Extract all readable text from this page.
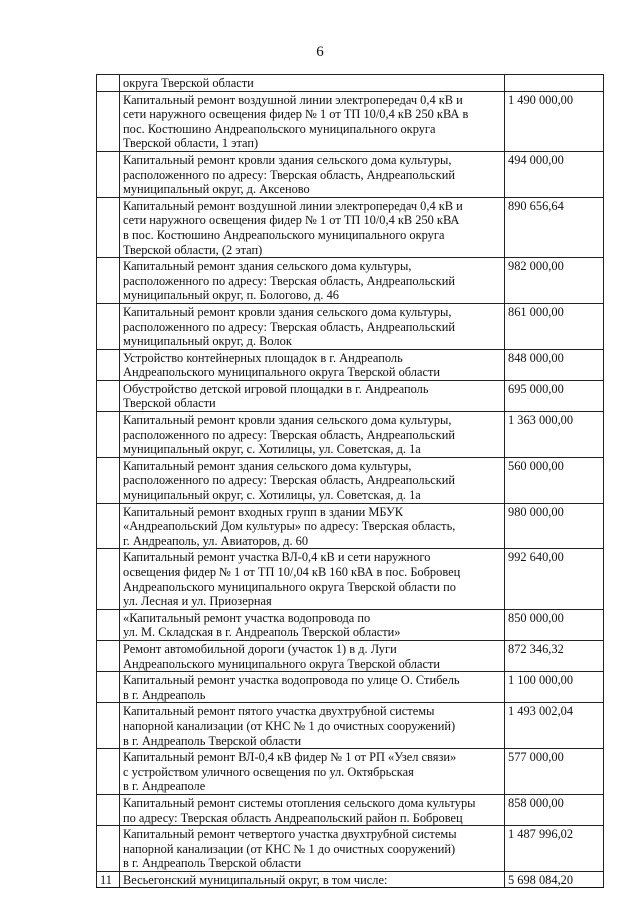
6
	округа Тверской области	
	Капитальный ремонт воздушной линии электропередач 0,4 кВ и
сети наружного освещения фидер № 1 от ТП 10/0,4 кВ 250 кВА в
пос. Костюшино Андреапольского муниципального округа
Тверской области, 1 этап)	1 490 000,00
	Капитальный ремонт кровли здания сельского дома культуры,
расположенного по адресу: Тверская область, Андреапольский
муниципальный округ, д. Аксеново	494 000,00
	Капитальный ремонт воздушной линии электропередач 0,4 кВ и
сети наружного освещения фидер № 1 от ТП 10/0,4 кВ 250 кВА
в пос. Костюшино Андреапольского муниципального округа
Тверской области, (2 этап)	890 656,64
	Капитальный ремонт здания сельского дома культуры,
расположенного по адресу: Тверская область, Андреапольский
муниципальный округ, п. Бологово, д. 46	982 000,00
	Капитальный ремонт кровли здания сельского дома культуры,
расположенного по адресу: Тверская область, Андреапольский
муниципальный округ, д. Волок	861 000,00
	Устройство контейнерных площадок в г. Андреаполь
Андреапольского муниципального округа Тверской области	848 000,00
	Обустройство детской игровой площадки в г. Андреаполь
Тверской области	695 000,00
	Капитальный ремонт кровли здания сельского дома культуры,
расположенного по адресу: Тверская область, Андреапольский
муниципальный округ, с. Хотилицы, ул. Советская, д. 1а	1 363 000,00
	Капитальный ремонт здания сельского дома культуры,
расположенного по адресу: Тверская область, Андреапольский
муниципальный округ, с. Хотилицы, ул. Советская, д. 1а	560 000,00
	Капитальный ремонт входных групп в здании МБУК
«Андреапольский Дом культуры» по адресу: Тверская область,
г. Андреаполь, ул. Авиаторов, д. 60	980 000,00
	Капитальный ремонт участка ВЛ-0,4 кВ и сети наружного
освещения фидер № 1 от ТП 10/,04 кВ 160 кВА в пос. Бобровец
Андреапольского муниципального округа Тверской области по
ул. Лесная и ул. Приозерная	992 640,00
	«Капитальный ремонт участка водопровода по
ул. М. Складская в г. Андреаполь Тверской области»	850 000,00
	Ремонт автомобильной дороги (участок 1) в д. Луги
Андреапольского муниципального округа Тверской области	872 346,32
	Капитальный ремонт участка водопровода по улице О. Стибель
в г. Андреаполь	1 100 000,00
	Капитальный ремонт пятого участка двухтрубной системы
напорной канализации (от КНС № 1 до очистных сооружений)
в г. Андреаполь Тверской области	1 493 002,04
	Капитальный ремонт ВЛ-0,4 кВ фидер № 1 от РП «Узел связи»
с устройством уличного освещения по ул. Октябрьская
в г. Андреаполе	577 000,00
	Капитальный ремонт системы отопления сельского дома культуры
по адресу: Тверская область Андреапольский район п. Бобровец	858 000,00
	Капитальный ремонт четвертого участка двухтрубной системы
напорной канализации (от КНС № 1 до очистных сооружений)
в г. Андреаполь Тверской области	1 487 996,02
11	Весьегонский муниципальный округ, в том числе:	5 698 084,20
